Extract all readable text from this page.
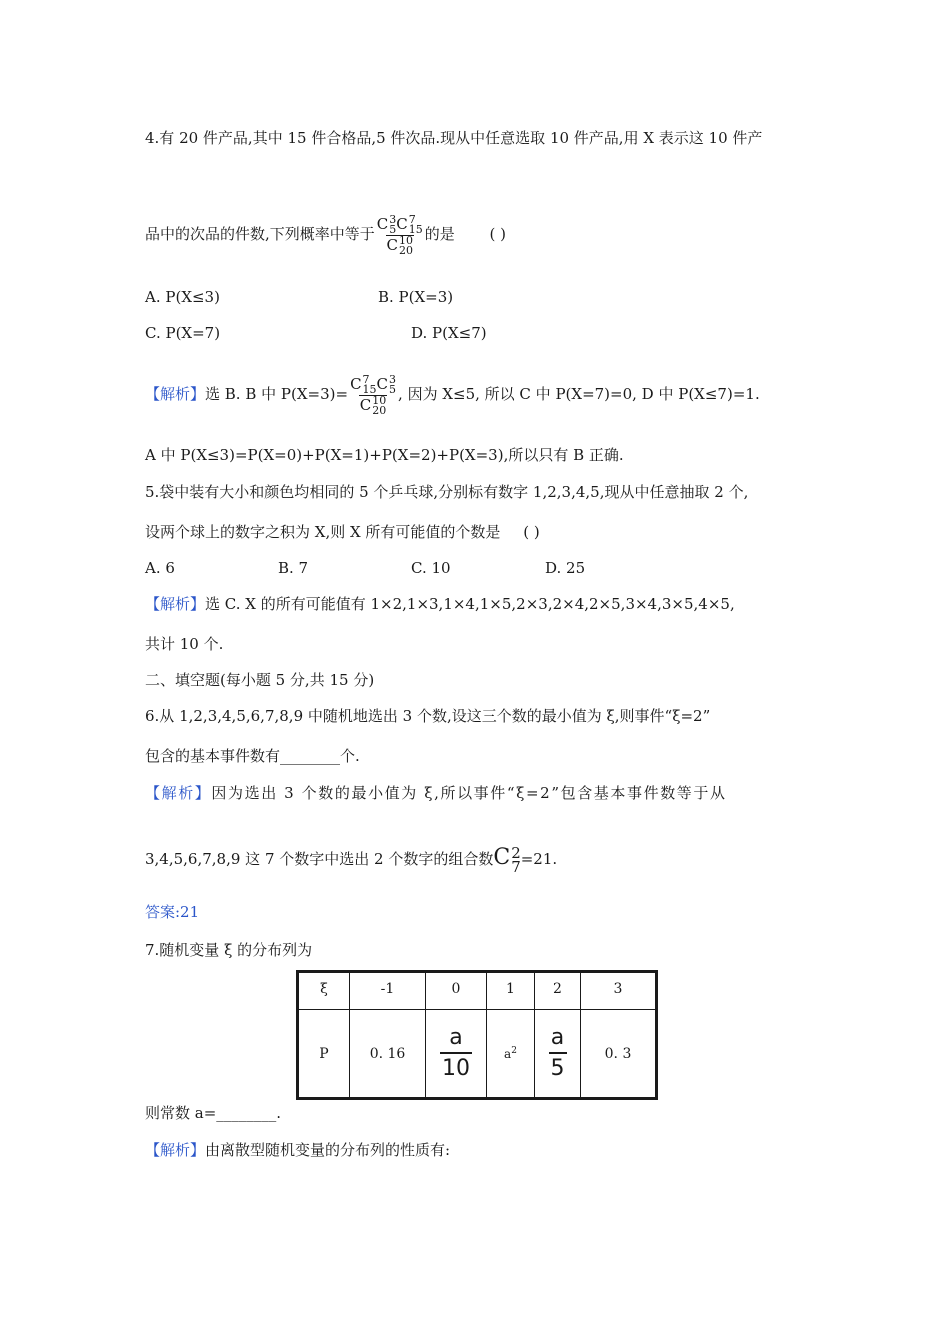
4.有 20 件产品,其中 15 件合格品,5 件次品.现从中任意选取 10 件产品,用 X 表示这 10 件产
品中的次品的件数,下列概率中等于 C 3
5 C 7
15
C 10
20 的是 ( )
A. P(X≤3)	B. P(X=3)
C. P(X=7)	D. P(X≤7)
【解析】选 B. B 中 P(X=3)= C 7
15 C 3
5
C 10
20 , 因为 X≤5, 所以 C 中 P(X=7)=0, D 中 P(X≤7)=1.
A 中 P(X≤3)=P(X=0)+P(X=1)+P(X=2)+P(X=3),所以只有 B 正确.
5.袋中装有大小和颜色均相同的 5 个乒乓球,分别标有数字 1,2,3,4,5,现从中任意抽取 2 个,
设两个球上的数字之积为 X,则 X 所有可能值的个数是 ( )
A. 6	B. 7	C. 10	D. 25
【解析】选 C. X 的所有可能值有 1×2,1×3,1×4,1×5,2×3,2×4,2×5,3×4,3×5,4×5,
共计 10 个.
二、填空题(每小题 5 分,共 15 分)
6.从 1,2,3,4,5,6,7,8,9 中随机地选出 3 个数,设这三个数的最小值为 ξ,则事件“ξ=2”
包含的基本事件数有________个.
【解析】因为选出 3 个数的最小值为 ξ,所以事件“ξ=2”包含基本事件数等于从
3,4,5,6,7,8,9 这 7 个数字中选出 2 个数字的组合数C 2
7 =21.
答案:21
7.随机变量 ξ 的分布列为
ξ	-1	0	1	2	3
P	0. 16	$\frac{a}{10}$	$a^2$	$\frac{a}{5}$	0. 3
则常数 a=________.
【解析】由离散型随机变量的分布列的性质有:
